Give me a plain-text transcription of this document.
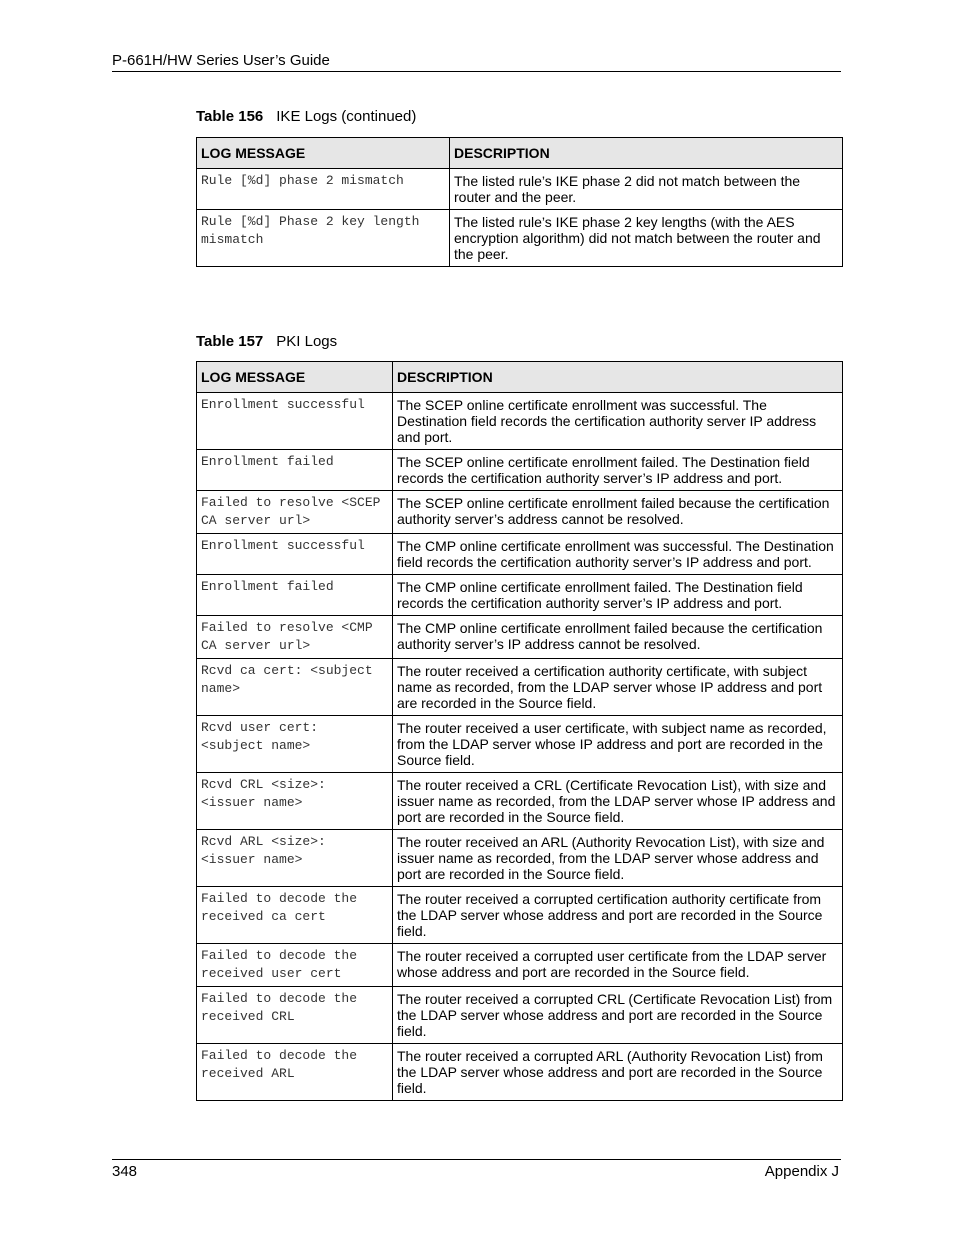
P-661H/HW Series User’s Guide
Table 156 IKE Logs (continued)
LOG MESSAGE	DESCRIPTION
Rule [%d] phase 2 mismatch	The listed rule’s IKE phase 2 did not match between the router and the peer.
Rule [%d] Phase 2 key length mismatch	The listed rule’s IKE phase 2 key lengths (with the AES encryption algorithm) did not match between the router and the peer.
Table 157 PKI Logs
LOG MESSAGE	DESCRIPTION
Enrollment successful	The SCEP online certificate enrollment was successful. The Destination field records the certification authority server IP address and port.
Enrollment failed	The SCEP online certificate enrollment failed. The Destination field records the certification authority server’s IP address and port.
Failed to resolve <SCEP CA server url>	The SCEP online certificate enrollment failed because the certification authority server’s address cannot be resolved.
Enrollment successful	The CMP online certificate enrollment was successful. The Destination field records the certification authority server’s IP address and port.
Enrollment failed	The CMP online certificate enrollment failed. The Destination field records the certification authority server’s IP address and port.
Failed to resolve <CMP CA server url>	The CMP online certificate enrollment failed because the certification authority server’s IP address cannot be resolved.
Rcvd ca cert: <subject name>	The router received a certification authority certificate, with subject name as recorded, from the LDAP server whose IP address and port are recorded in the Source field.
Rcvd user cert: <subject name>	The router received a user certificate, with subject name as recorded, from the LDAP server whose IP address and port are recorded in the Source field.
Rcvd CRL <size>: <issuer name>	The router received a CRL (Certificate Revocation List), with size and issuer name as recorded, from the LDAP server whose IP address and port are recorded in the Source field.
Rcvd ARL <size>: <issuer name>	The router received an ARL (Authority Revocation List), with size and issuer name as recorded, from the LDAP server whose address and port are recorded in the Source field.
Failed to decode the received ca cert	The router received a corrupted certification authority certificate from the LDAP server whose address and port are recorded in the Source field.
Failed to decode the received user cert	The router received a corrupted user certificate from the LDAP server whose address and port are recorded in the Source field.
Failed to decode the received CRL	The router received a corrupted CRL (Certificate Revocation List) from the LDAP server whose address and port are recorded in the Source field.
Failed to decode the received ARL	The router received a corrupted ARL (Authority Revocation List) from the LDAP server whose address and port are recorded in the Source field.
348	Appendix J
